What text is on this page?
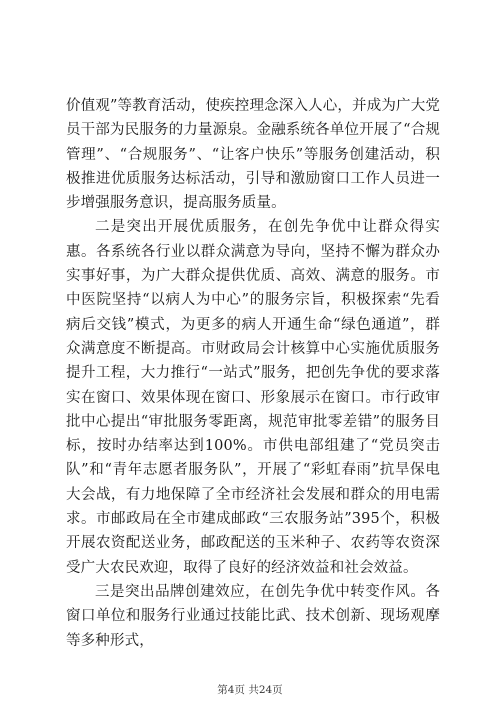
价值观”等教育活动，使疾控理念深入人心，并成为广大党员干部为民服务的力量源泉。金融系统各单位开展了“合规管理”、“合规服务”、“让客户快乐”等服务创建活动，积极推进优质服务达标活动，引导和激励窗口工作人员进一步增强服务意识，提高服务质量。

二是突出开展优质服务，在创先争优中让群众得实惠。各系统各行业以群众满意为导向，坚持不懈为群众办实事好事，为广大群众提供优质、高效、满意的服务。市中医院坚持“以病人为中心”的服务宗旨，积极探索“先看病后交钱”模式，为更多的病人开通生命“绿色通道”，群众满意度不断提高。市财政局会计核算中心实施优质服务提升工程，大力推行“一站式”服务，把创先争优的要求落实在窗口、效果体现在窗口、形象展示在窗口。市行政审批中心提出“审批服务零距离，规范审批零差错”的服务目标，按时办结率达到100%。市供电部组建了“党员突击队”和“青年志愿者服务队”，开展了“彩虹春雨”抗旱保电大会战，有力地保障了全市经济社会发展和群众的用电需求。市邮政局在全市建成邮政“三农服务站”395个，积极开展农资配送业务，邮政配送的玉米种子、农药等农资深受广大农民欢迎，取得了良好的经济效益和社会效益。

三是突出品牌创建效应，在创先争优中转变作风。各窗口单位和服务行业通过技能比武、技术创新、现场观摩等多种形式，

第4页 共24页
